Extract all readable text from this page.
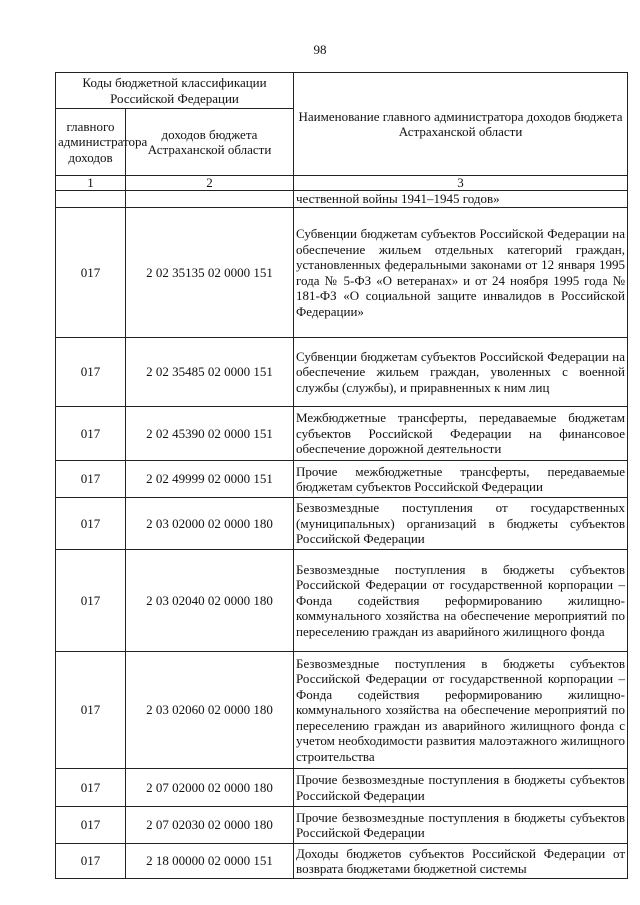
98
Коды бюджетной классификации Российской Федерации		Наименование главного администратора доходов бюджета Астраханской области
главного администратора доходов	доходов бюджета Астраханской области	
1	2	3
		чественной войны 1941–1945 годов»
017	2 02 35135 02 0000 151	Субвенции бюджетам субъектов Российской Федерации на обеспечение жильем отдельных категорий граждан, установленных федеральными законами от 12 января 1995 года № 5-ФЗ «О ветеранах» и от 24 ноября 1995 года № 181-ФЗ «О социальной защите инвалидов в Российской Федерации»
017	2 02 35485 02 0000 151	Субвенции бюджетам субъектов Российской Федерации на обеспечение жильем граждан, уволенных с военной службы (службы), и приравненных к ним лиц
017	2 02 45390 02 0000 151	Межбюджетные трансферты, передаваемые бюджетам субъектов Российской Федерации на финансовое обеспечение дорожной деятельности
017	2 02 49999 02 0000 151	Прочие межбюджетные трансферты, передаваемые бюджетам субъектов Российской Федерации
017	2 03 02000 02 0000 180	Безвозмездные поступления от государственных (муниципальных) организаций в бюджеты субъектов Российской Федерации
017	2 03 02040 02 0000 180	Безвозмездные поступления в бюджеты субъектов Российской Федерации от государственной корпорации – Фонда содействия реформированию жилищно-коммунального хозяйства на обеспечение мероприятий по переселению граждан из аварийного жилищного фонда
017	2 03 02060 02 0000 180	Безвозмездные поступления в бюджеты субъектов Российской Федерации от государственной корпорации – Фонда содействия реформированию жилищно-коммунального хозяйства на обеспечение мероприятий по переселению граждан из аварийного жилищного фонда с учетом необходимости развития малоэтажного жилищного строительства
017	2 07 02000 02 0000 180	Прочие безвозмездные поступления в бюджеты субъектов Российской Федерации
017	2 07 02030 02 0000 180	Прочие безвозмездные поступления в бюджеты субъектов Российской Федерации
017	2 18 00000 02 0000 151	Доходы бюджетов субъектов Российской Федерации от возврата бюджетами бюджетной системы
